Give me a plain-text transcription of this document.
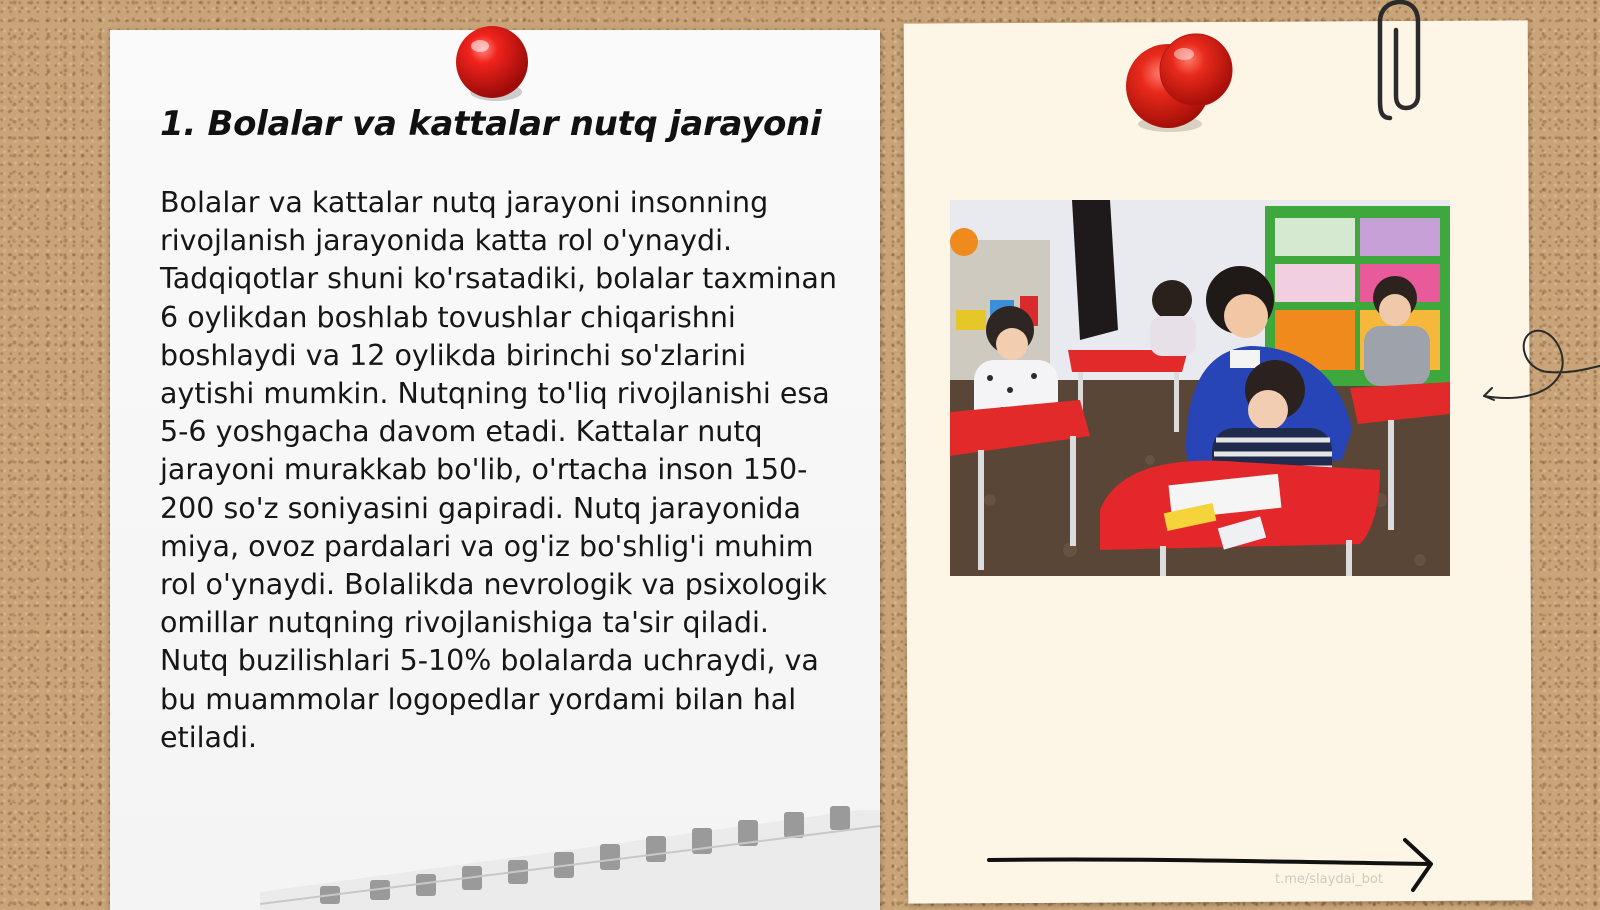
1. Bolalar va kattalar nutq jarayoni

Bolalar va kattalar nutq jarayoni insonning rivojlanish jarayonida katta rol o'ynaydi. Tadqiqotlar shuni ko'rsatadiki, bolalar taxminan 6 oylikdan boshlab tovushlar chiqarishni boshlaydi va 12 oylikda birinchi so'zlarini aytishi mumkin. Nutqning to'liq rivojlanishi esa 5-6 yoshgacha davom etadi. Kattalar nutq jarayoni murakkab bo'lib, o'rtacha inson 150-200 so'z soniyasini gapiradi. Nutq jarayonida miya, ovoz pardalari va og'iz bo'shlig'i muhim rol o'ynaydi. Bolalikda nevrologik va psixologik omillar nutqning rivojlanishiga ta'sir qiladi. Nutq buzilishlari 5-10% bolalarda uchraydi, va bu muammolar logopedlar yordami bilan hal etiladi.

t.me/slaydai_bot
